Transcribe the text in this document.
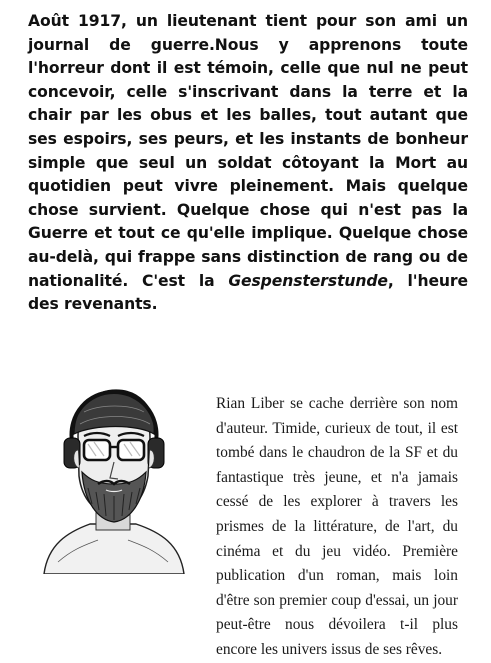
Août 1917, un lieutenant tient pour son ami un journal de guerre.Nous y apprenons toute l'horreur dont il est témoin, celle que nul ne peut concevoir, celle s'inscrivant dans la terre et la chair par les obus et les balles, tout autant que ses espoirs, ses peurs, et les instants de bonheur simple que seul un soldat côtoyant la Mort au quotidien peut vivre pleinement. Mais quelque chose survient. Quelque chose qui n'est pas la Guerre et tout ce qu'elle implique. Quelque chose au-delà, qui frappe sans distinction de rang ou de nationalité. C'est la Gespensterstunde, l'heure des revenants.

Rian Liber se cache derrière son nom d'auteur. Timide, curieux de tout, il est tombé dans le chaudron de la SF et du fantastique très jeune, et n'a jamais cessé de les explorer à travers les prismes de la littérature, de l'art, du cinéma et du jeu vidéo. Première publication d'un roman, mais loin d'être son premier coup d'essai, un jour peut-être nous dévoilera t-il plus encore les univers issus de ses rêves.
